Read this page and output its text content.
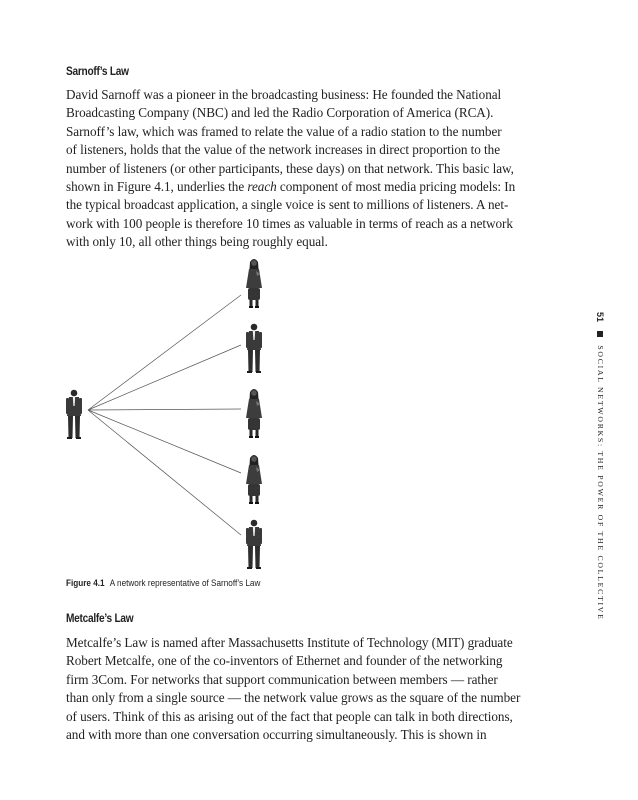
Sarnoff’s Law
David Sarnoff was a pioneer in the broadcasting business: He founded the National
Broadcasting Company (NBC) and led the Radio Corporation of America (RCA).
Sarnoff’s law, which was framed to relate the value of a radio station to the number
of listeners, holds that the value of the network increases in direct proportion to the
number of listeners (or other participants, these days) on that network. This basic law,
shown in Figure 4.1, underlies the reach component of most media pricing models: In
the typical broadcast application, a single voice is sent to millions of listeners. A net-
work with 100 people is therefore 10 times as valuable in terms of reach as a network
with only 10, all other things being roughly equal.
Figure 4.1 A network representative of Sarnoff’s Law
Metcalfe’s Law
Metcalfe’s Law is named after Massachusetts Institute of Technology (MIT) graduate
Robert Metcalfe, one of the co-inventors of Ethernet and founder of the networking
firm 3Com. For networks that support communication between members — rather
than only from a single source — the network value grows as the square of the number
of users. Think of this as arising out of the fact that people can talk in both directions,
and with more than one conversation occurring simultaneously. This is shown in
51  SOCIAL NETWORKS: THE POWER OF THE COLLECTIVE
